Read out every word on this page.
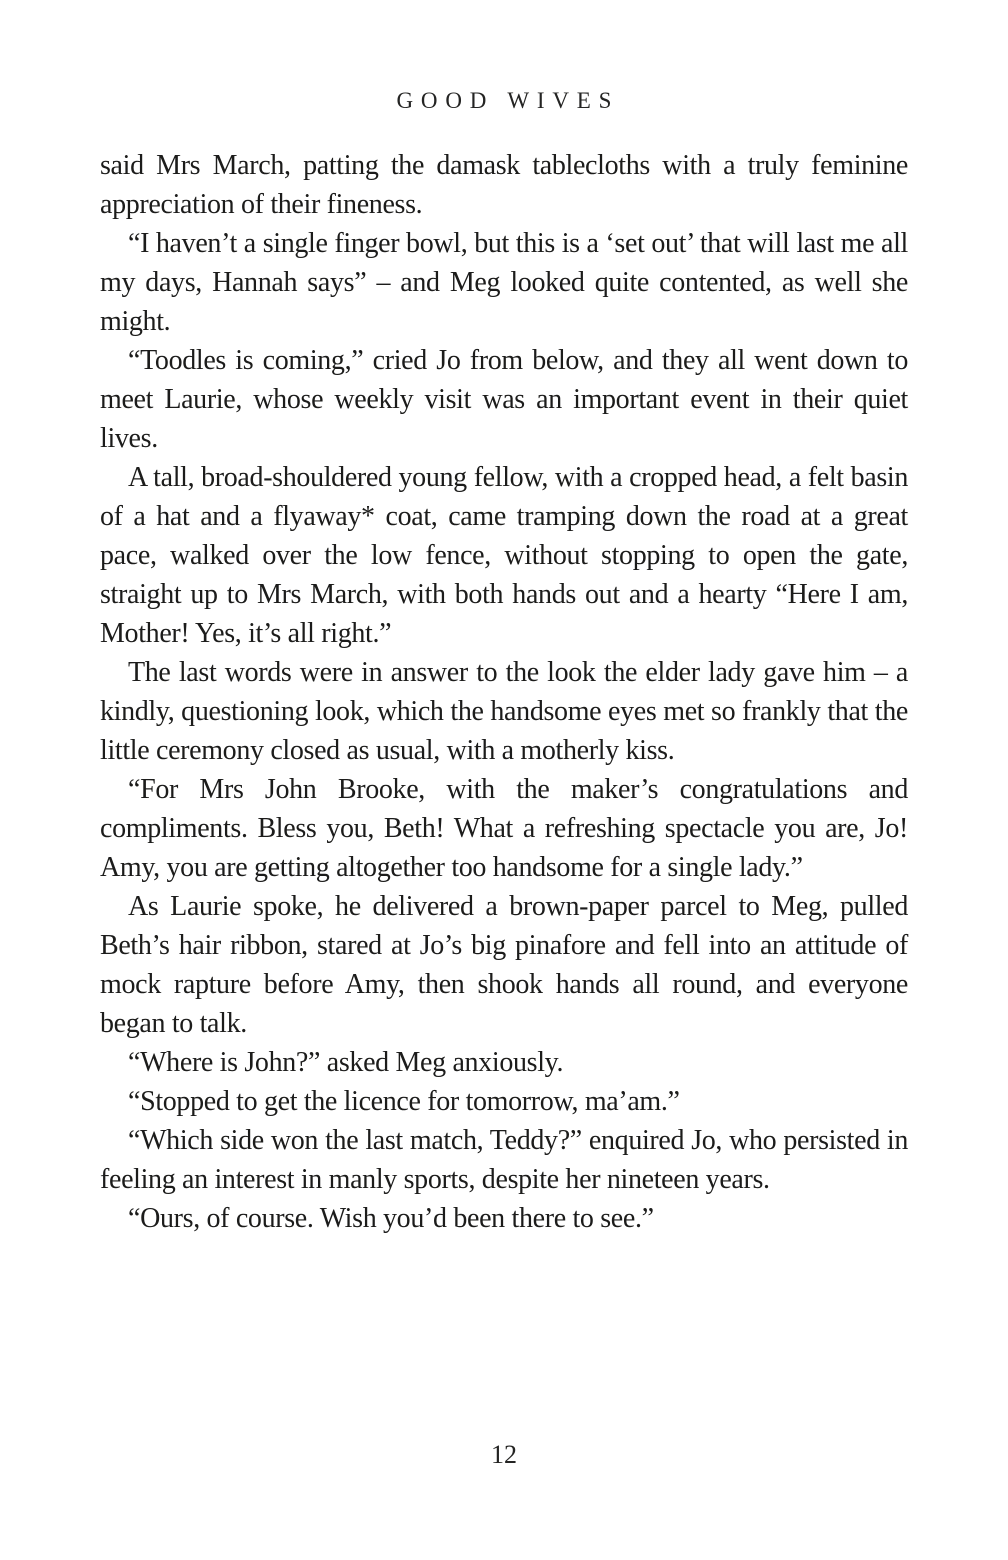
GOOD WIVES

said Mrs March, patting the damask tablecloths with a truly feminine appreciation of their fineness.

“I haven’t a single finger bowl, but this is a ‘set out’ that will last me all my days, Hannah says” – and Meg looked quite contented, as well she might.

“Toodles is coming,” cried Jo from below, and they all went down to meet Laurie, whose weekly visit was an important event in their quiet lives.

A tall, broad-shouldered young fellow, with a cropped head, a felt basin of a hat and a flyaway* coat, came tramping down the road at a great pace, walked over the low fence, without stopping to open the gate, straight up to Mrs March, with both hands out and a hearty “Here I am, Mother! Yes, it’s all right.”

The last words were in answer to the look the elder lady gave him – a kindly, questioning look, which the handsome eyes met so frankly that the little ceremony closed as usual, with a motherly kiss.

“For Mrs John Brooke, with the maker’s congratulations and compliments. Bless you, Beth! What a refreshing spectacle you are, Jo! Amy, you are getting altogether too handsome for a single lady.”

As Laurie spoke, he delivered a brown-paper parcel to Meg, pulled Beth’s hair ribbon, stared at Jo’s big pinafore and fell into an attitude of mock rapture before Amy, then shook hands all round, and everyone began to talk.

“Where is John?” asked Meg anxiously.

“Stopped to get the licence for tomorrow, ma’am.”

“Which side won the last match, Teddy?” enquired Jo, who persisted in feeling an interest in manly sports, despite her nineteen years.

“Ours, of course. Wish you’d been there to see.”

12
